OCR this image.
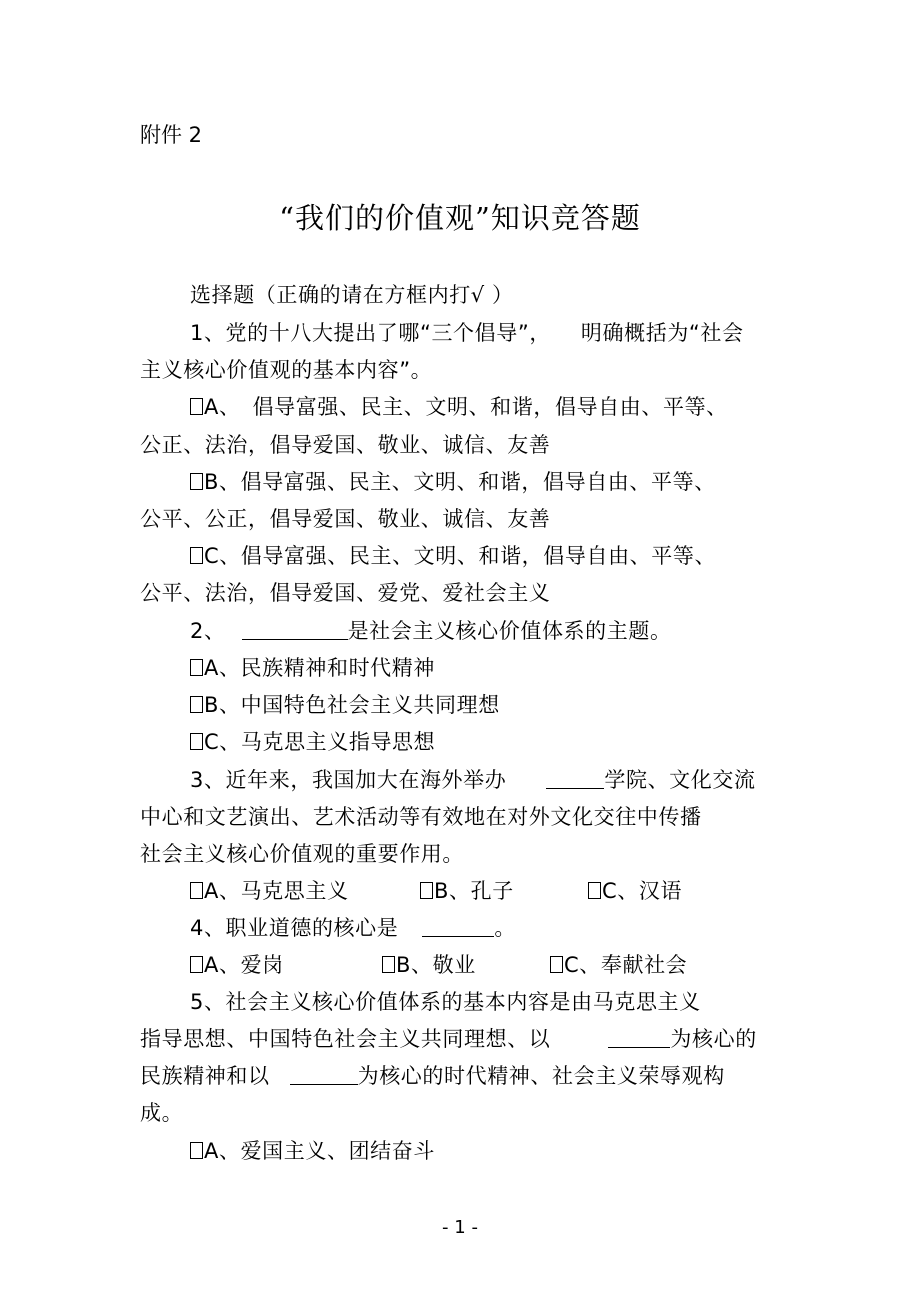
附件 2
“我们的价值观”知识竞答题
选择题（正确的请在方框内打√ ）
1、党的十八大提出了哪“三个倡导”， 明确概括为“社会
主义核心价值观的基本内容”。
A、 倡导富强、民主、文明、和谐，倡导自由、平等、
公正、法治，倡导爱国、敬业、诚信、友善
B、倡导富强、民主、文明、和谐，倡导自由、平等、
公平、公正，倡导爱国、敬业、诚信、友善
C、倡导富强、民主、文明、和谐，倡导自由、平等、
公平、法治，倡导爱国、爱党、爱社会主义
2、	是社会主义核心价值体系的主题。
A、民族精神和时代精神
B、中国特色社会主义共同理想
C、马克思主义指导思想
3、近年来，我国加大在海外举办	学院、文化交流
中心和文艺演出、艺术活动等有效地在对外文化交往中传播
社会主义核心价值观的重要作用。
A、马克思主义	B、孔子	C、汉语
4、职业道德的核心是	。
A、爱岗	B、敬业	C、奉献社会
5、社会主义核心价值体系的基本内容是由马克思主义
指导思想、中国特色社会主义共同理想、以	为核心的
民族精神和以	为核心的时代精神、社会主义荣辱观构
成。
A、爱国主义、团结奋斗
- 1 -
